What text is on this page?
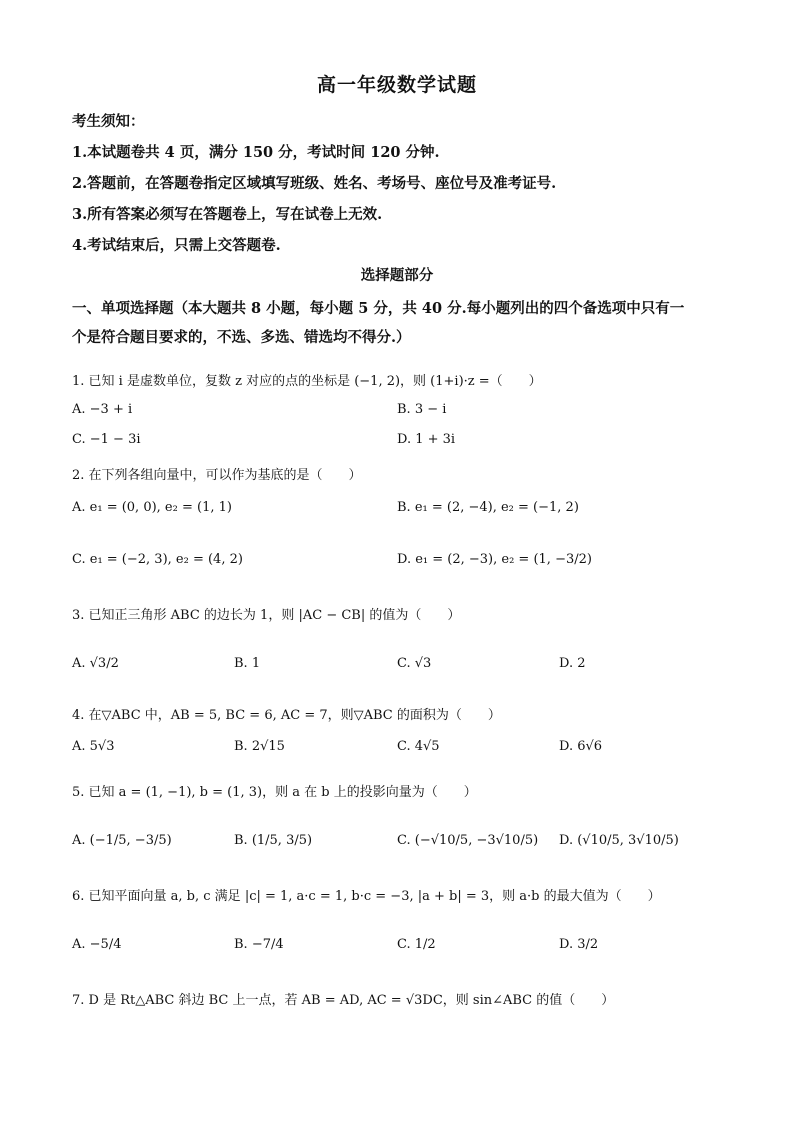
高一年级数学试题
考生须知：
1.本试题卷共 4 页，满分 150 分，考试时间 120 分钟.
2.答题前，在答题卷指定区域填写班级、姓名、考场号、座位号及准考证号.
3.所有答案必须写在答题卷上，写在试卷上无效.
4.考试结束后，只需上交答题卷.
选择题部分
一、单项选择题（本大题共 8 小题，每小题 5 分，共 40 分.每小题列出的四个备选项中只有一
个是符合题目要求的，不选、多选、错选均不得分.）
1. 已知 i 是虚数单位，复数 z 对应的点的坐标是 (−1, 2)，则 (1+i)·z =（　　）
A. −3 + i	B. 3 − i
C. −1 − 3i	D. 1 + 3i
2. 在下列各组向量中，可以作为基底的是（　　）
A. e₁ = (0, 0), e₂ = (1, 1)	B. e₁ = (2, −4), e₂ = (−1, 2)
C. e₁ = (−2, 3), e₂ = (4, 2)	D. e₁ = (2, −3), e₂ = (1, −3/2)
3. 已知正三角形 ABC 的边长为 1，则 |AC − CB| 的值为（　　）
A. √3/2	B. 1	C. √3	D. 2
4. 在▽ABC 中，AB = 5, BC = 6, AC = 7，则▽ABC 的面积为（　　）
A. 5√3	B. 2√15	C. 4√5	D. 6√6
5. 已知 a = (1, −1), b = (1, 3)，则 a 在 b 上的投影向量为（　　）
A. (−1/5, −3/5)	B. (1/5, 3/5)	C. (−√10/5, −3√10/5) D. (√10/5, 3√10/5)
6. 已知平面向量 a, b, c 满足 |c| = 1, a·c = 1, b·c = −3, |a + b| = 3，则 a·b 的最大值为（　　）
A. −5/4	B. −7/4	C. 1/2	D. 3/2
7. D 是 Rt△ABC 斜边 BC 上一点，若 AB = AD, AC = √3DC，则 sin∠ABC 的值（　　）
